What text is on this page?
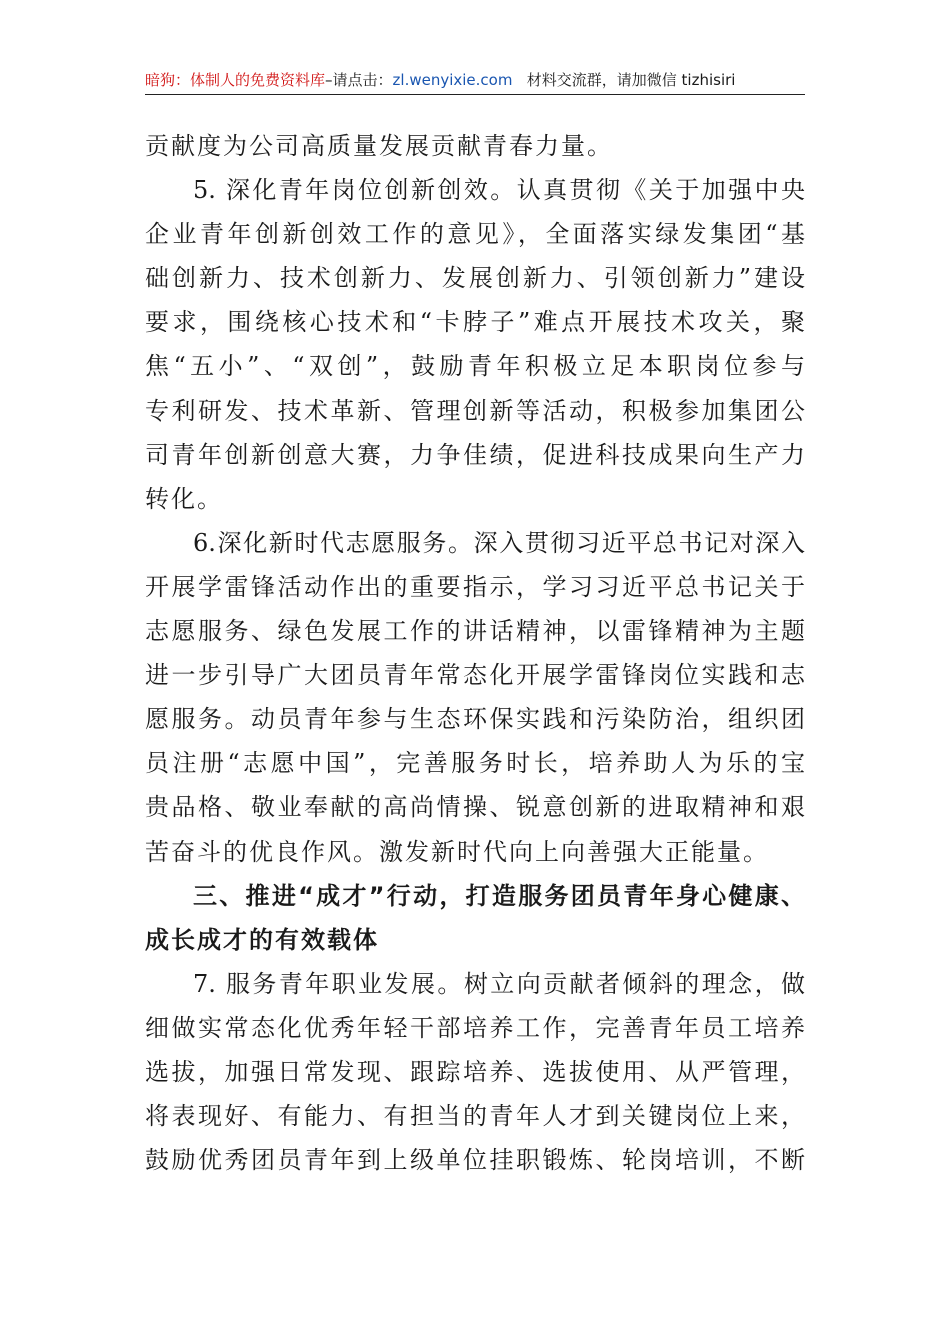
暗狗：体制人的免费资料库–请点击：zl.wenyixie.com 材料交流群，请加微信 tizhisiri
贡献度为公司高质量发展贡献青春力量。
5. 深化青年岗位创新创效。认真贯彻《关于加强中央
企业青年创新创效工作的意见》，全面落实绿发集团“基
础创新力、技术创新力、发展创新力、引领创新力”建设
要求，围绕核心技术和“卡脖子”难点开展技术攻关，聚
焦“五小”、“双创”，鼓励青年积极立足本职岗位参与
专利研发、技术革新、管理创新等活动，积极参加集团公
司青年创新创意大赛，力争佳绩，促进科技成果向生产力
转化。
6.深化新时代志愿服务。深入贯彻习近平总书记对深入
开展学雷锋活动作出的重要指示，学习习近平总书记关于
志愿服务、绿色发展工作的讲话精神，以雷锋精神为主题
进一步引导广大团员青年常态化开展学雷锋岗位实践和志
愿服务。动员青年参与生态环保实践和污染防治，组织团
员注册“志愿中国”，完善服务时长，培养助人为乐的宝
贵品格、敬业奉献的高尚情操、锐意创新的进取精神和艰
苦奋斗的优良作风。激发新时代向上向善强大正能量。
三、推进“成才”行动，打造服务团员青年身心健康、
成长成才的有效载体
7. 服务青年职业发展。树立向贡献者倾斜的理念，做
细做实常态化优秀年轻干部培养工作，完善青年员工培养
选拔，加强日常发现、跟踪培养、选拔使用、从严管理，
将表现好、有能力、有担当的青年人才到关键岗位上来，
鼓励优秀团员青年到上级单位挂职锻炼、轮岗培训，不断
